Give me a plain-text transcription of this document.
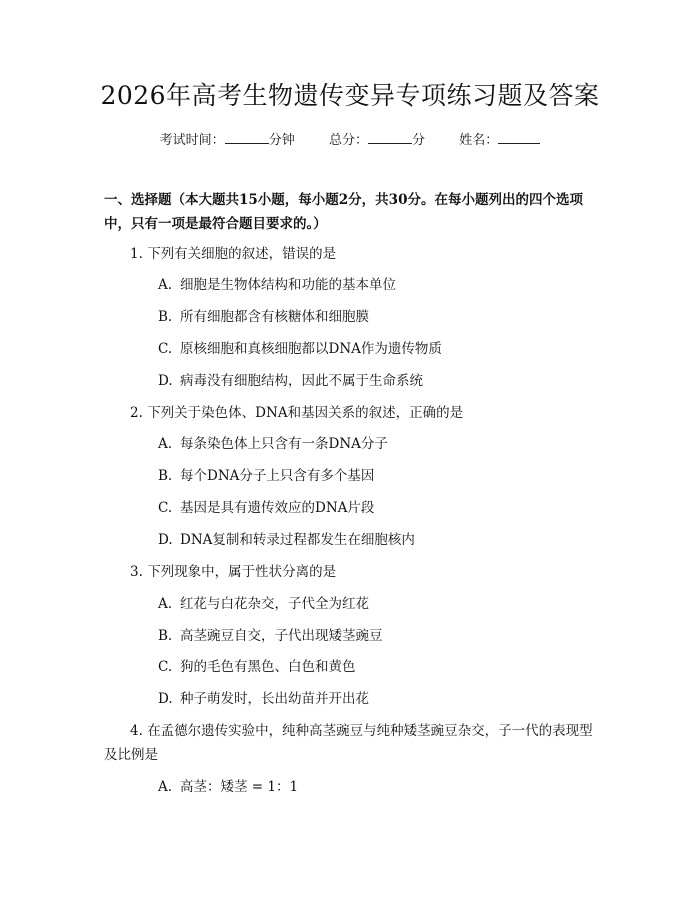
2026年高考生物遗传变异专项练习题及答案
考试时间：	分钟	总分：	分	姓名：
一、选择题（本大题共15小题，每小题2分，共30分。在每小题列出的四个选项中，只有一项是最符合题目要求的。）
1. 下列有关细胞的叙述，错误的是
A. 细胞是生物体结构和功能的基本单位
B. 所有细胞都含有核糖体和细胞膜
C. 原核细胞和真核细胞都以DNA作为遗传物质
D. 病毒没有细胞结构，因此不属于生命系统
2. 下列关于染色体、DNA和基因关系的叙述，正确的是
A. 每条染色体上只含有一条DNA分子
B. 每个DNA分子上只含有多个基因
C. 基因是具有遗传效应的DNA片段
D. DNA复制和转录过程都发生在细胞核内
3. 下列现象中，属于性状分离的是
A. 红花与白花杂交，子代全为红花
B. 高茎豌豆自交，子代出现矮茎豌豆
C. 狗的毛色有黑色、白色和黄色
D. 种子萌发时，长出幼苗并开出花
4. 在孟德尔遗传实验中，纯种高茎豌豆与纯种矮茎豌豆杂交，子一代的表现型及比例是
A. 高茎：矮茎 = 1：1
